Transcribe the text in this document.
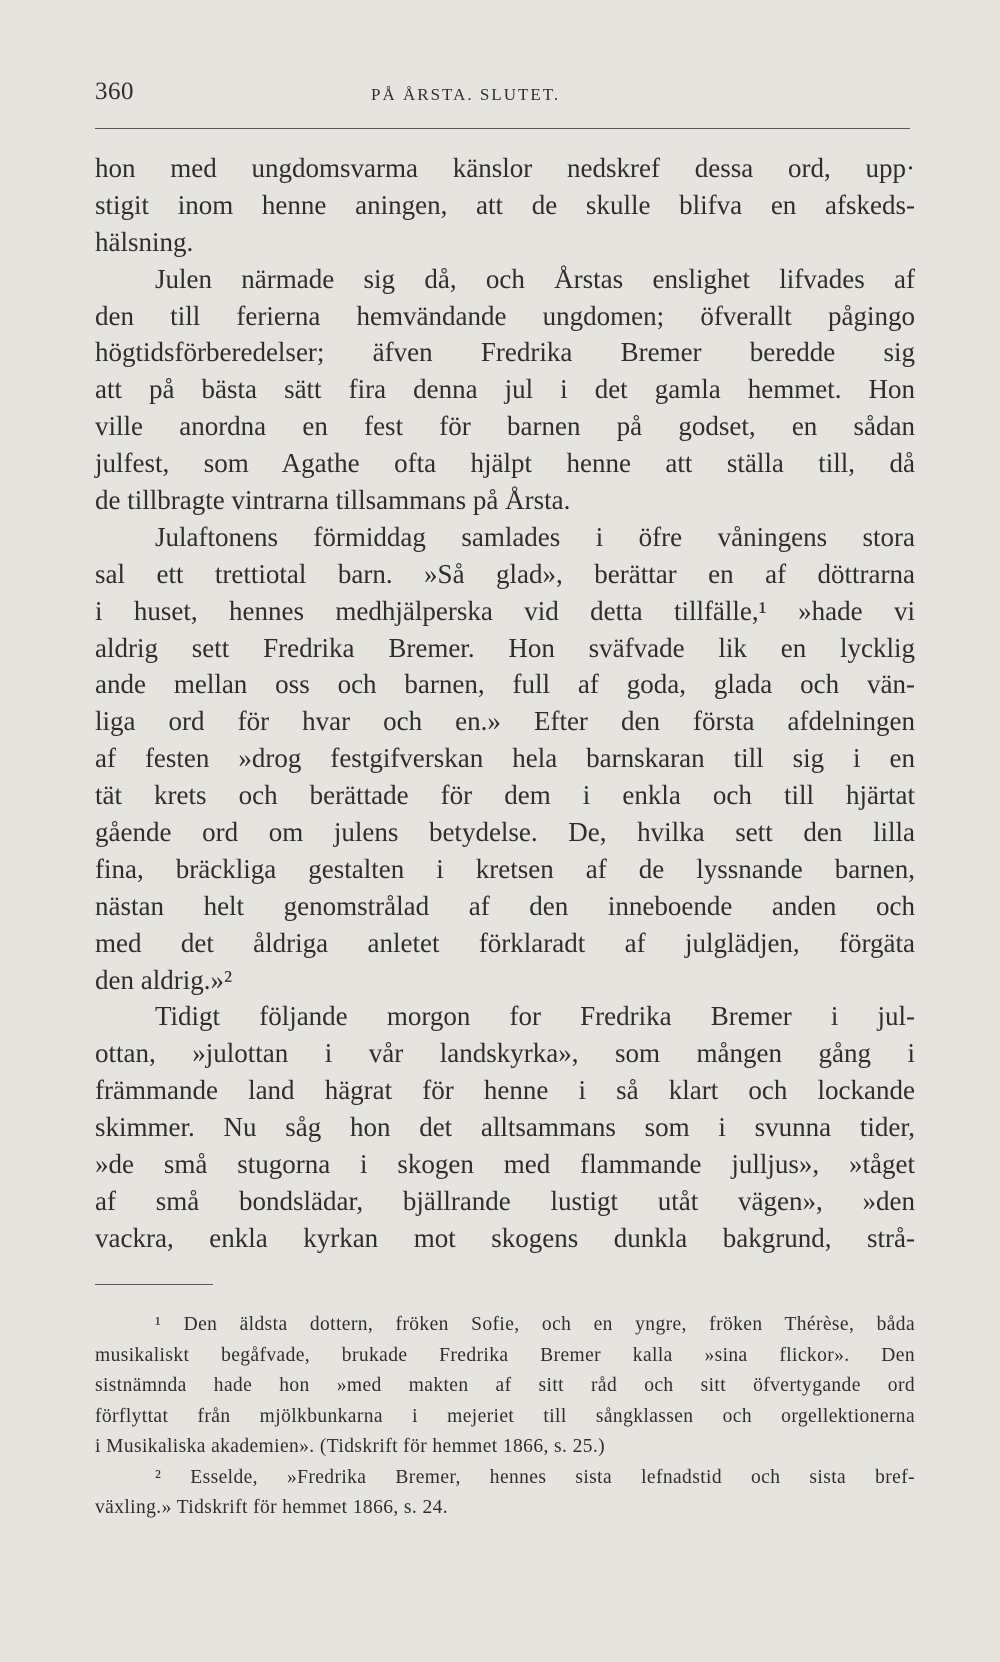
360	PÅ ÅRSTA. SLUTET.
hon med ungdomsvarma känslor nedskref dessa ord, upp·
stigit inom henne aningen, att de skulle blifva en afskeds-
hälsning.
Julen närmade sig då, och Årstas enslighet lifvades af
den till ferierna hemvändande ungdomen; öfverallt pågingo
högtidsförberedelser; äfven Fredrika Bremer beredde sig
att på bästa sätt fira denna jul i det gamla hemmet. Hon
ville anordna en fest för barnen på godset, en sådan
julfest, som Agathe ofta hjälpt henne att ställa till, då
de tillbragte vintrarna tillsammans på Årsta.
Julaftonens förmiddag samlades i öfre våningens stora
sal ett trettiotal barn. »Så glad», berättar en af döttrarna
i huset, hennes medhjälperska vid detta tillfälle,¹ »hade vi
aldrig sett Fredrika Bremer. Hon sväfvade lik en lycklig
ande mellan oss och barnen, full af goda, glada och vän-
liga ord för hvar och en.» Efter den första afdelningen
af festen »drog festgifverskan hela barnskaran till sig i en
tät krets och berättade för dem i enkla och till hjärtat
gående ord om julens betydelse. De, hvilka sett den lilla
fina, bräckliga gestalten i kretsen af de lyssnande barnen,
nästan helt genomstrålad af den inneboende anden och
med det åldriga anletet förklaradt af julglädjen, förgäta
den aldrig.»²
Tidigt följande morgon for Fredrika Bremer i jul-
ottan, »julottan i vår landskyrka», som mången gång i
främmande land hägrat för henne i så klart och lockande
skimmer. Nu såg hon det alltsammans som i svunna tider,
»de små stugorna i skogen med flammande julljus», »tåget
af små bondslädar, bjällrande lustigt utåt vägen», »den
vackra, enkla kyrkan mot skogens dunkla bakgrund, strå-
¹ Den äldsta dottern, fröken Sofie, och en yngre, fröken Thérèse, båda
musikaliskt begåfvade, brukade Fredrika Bremer kalla »sina flickor». Den
sistnämnda hade hon »med makten af sitt råd och sitt öfvertygande ord
förflyttat från mjölkbunkarna i mejeriet till sångklassen och orgellektionerna
i Musikaliska akademien». (Tidskrift för hemmet 1866, s. 25.)
² Esselde, »Fredrika Bremer, hennes sista lefnadstid och sista bref-
växling.» Tidskrift för hemmet 1866, s. 24.
